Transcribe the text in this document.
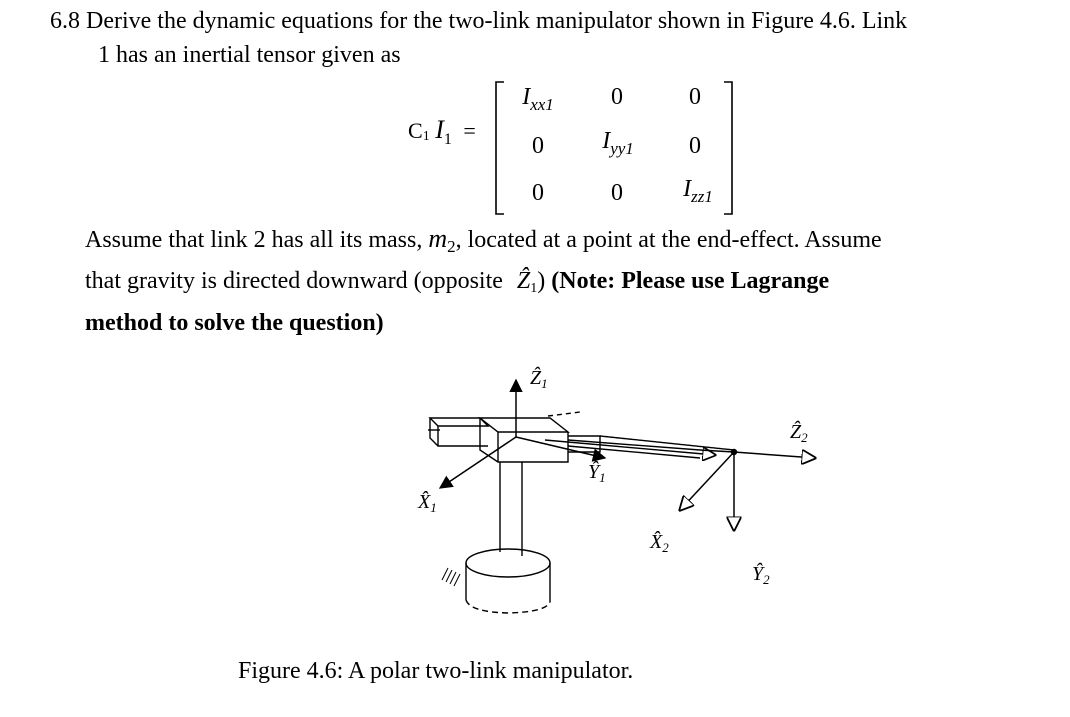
6.8 Derive the dynamic equations for the two-link manipulator shown in Figure 4.6. Link
1 has an inertial tensor given as
C1 $I_1$ =
$I_{xx1}$	0	0
0	$I_{yy1}$	0
0	0	$I_{zz1}$
Assume that link 2 has all its mass, $m_2$, located at a point at the end-effect. Assume
that gravity is directed downward (opposite Ẑ1) (Note: Please use Lagrange
method to solve the question)
Ẑ$_1$
$X̂_1$
$Ŷ_1$
$X̂_2$
$Ŷ_2$
Ẑ$_2$
Figure 4.6: A polar two-link manipulator.
